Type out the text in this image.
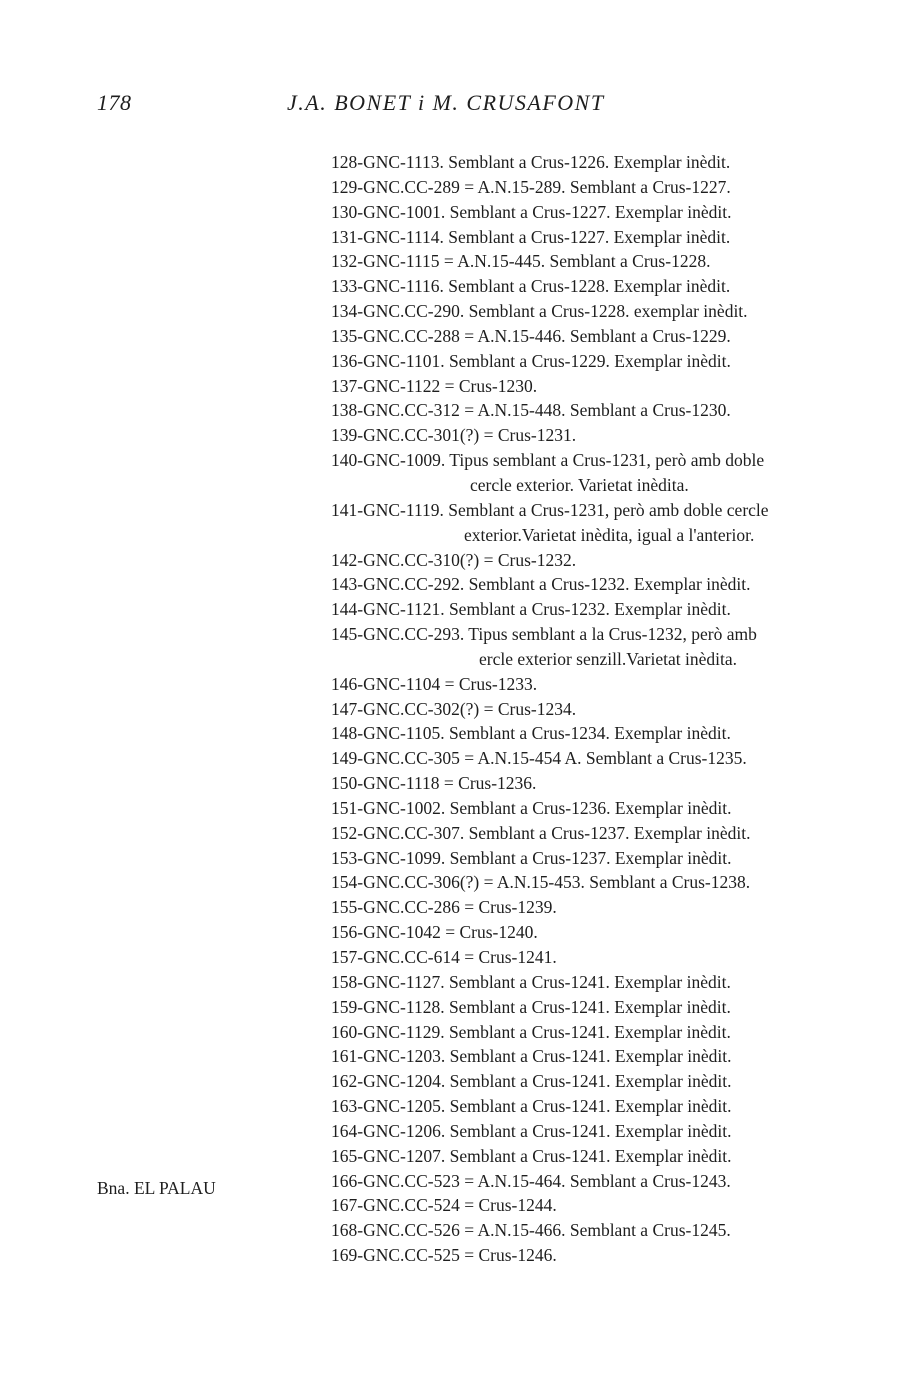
178	J.A. BONET i M. CRUSAFONT
128-GNC-1113. Semblant a Crus-1226. Exemplar inèdit.
129-GNC.CC-289 = A.N.15-289. Semblant a Crus-1227.
130-GNC-1001. Semblant a Crus-1227. Exemplar inèdit.
131-GNC-1114. Semblant a Crus-1227. Exemplar inèdit.
132-GNC-1115 = A.N.15-445. Semblant a Crus-1228.
133-GNC-1116. Semblant a Crus-1228. Exemplar inèdit.
134-GNC.CC-290. Semblant a Crus-1228. exemplar inèdit.
135-GNC.CC-288 = A.N.15-446. Semblant a Crus-1229.
136-GNC-1101. Semblant a Crus-1229. Exemplar inèdit.
137-GNC-1122 = Crus-1230.
138-GNC.CC-312 = A.N.15-448. Semblant a Crus-1230.
139-GNC.CC-301(?) = Crus-1231.
140-GNC-1009. Tipus semblant a Crus-1231, però amb doble
cercle exterior. Varietat inèdita.
141-GNC-1119. Semblant a Crus-1231, però amb doble cercle
exterior.Varietat inèdita, igual a l'anterior.
142-GNC.CC-310(?) = Crus-1232.
143-GNC.CC-292. Semblant a Crus-1232. Exemplar inèdit.
144-GNC-1121. Semblant a Crus-1232. Exemplar inèdit.
145-GNC.CC-293. Tipus semblant a la Crus-1232, però amb
ercle exterior senzill.Varietat inèdita.
146-GNC-1104 = Crus-1233.
147-GNC.CC-302(?) = Crus-1234.
148-GNC-1105. Semblant a Crus-1234. Exemplar inèdit.
149-GNC.CC-305 = A.N.15-454 A. Semblant a Crus-1235.
150-GNC-1118 = Crus-1236.
151-GNC-1002. Semblant a Crus-1236. Exemplar inèdit.
152-GNC.CC-307. Semblant a Crus-1237. Exemplar inèdit.
153-GNC-1099. Semblant a Crus-1237. Exemplar inèdit.
154-GNC.CC-306(?) = A.N.15-453. Semblant a Crus-1238.
155-GNC.CC-286 = Crus-1239.
156-GNC-1042 = Crus-1240.
157-GNC.CC-614 = Crus-1241.
158-GNC-1127. Semblant a Crus-1241. Exemplar inèdit.
159-GNC-1128. Semblant a Crus-1241. Exemplar inèdit.
160-GNC-1129. Semblant a Crus-1241. Exemplar inèdit.
161-GNC-1203. Semblant a Crus-1241. Exemplar inèdit.
162-GNC-1204. Semblant a Crus-1241. Exemplar inèdit.
163-GNC-1205. Semblant a Crus-1241. Exemplar inèdit.
164-GNC-1206. Semblant a Crus-1241. Exemplar inèdit.
165-GNC-1207. Semblant a Crus-1241. Exemplar inèdit.
166-GNC.CC-523 = A.N.15-464. Semblant a Crus-1243.
167-GNC.CC-524 = Crus-1244.
168-GNC.CC-526 = A.N.15-466. Semblant a Crus-1245.
169-GNC.CC-525 = Crus-1246.
Bna. EL PALAU
